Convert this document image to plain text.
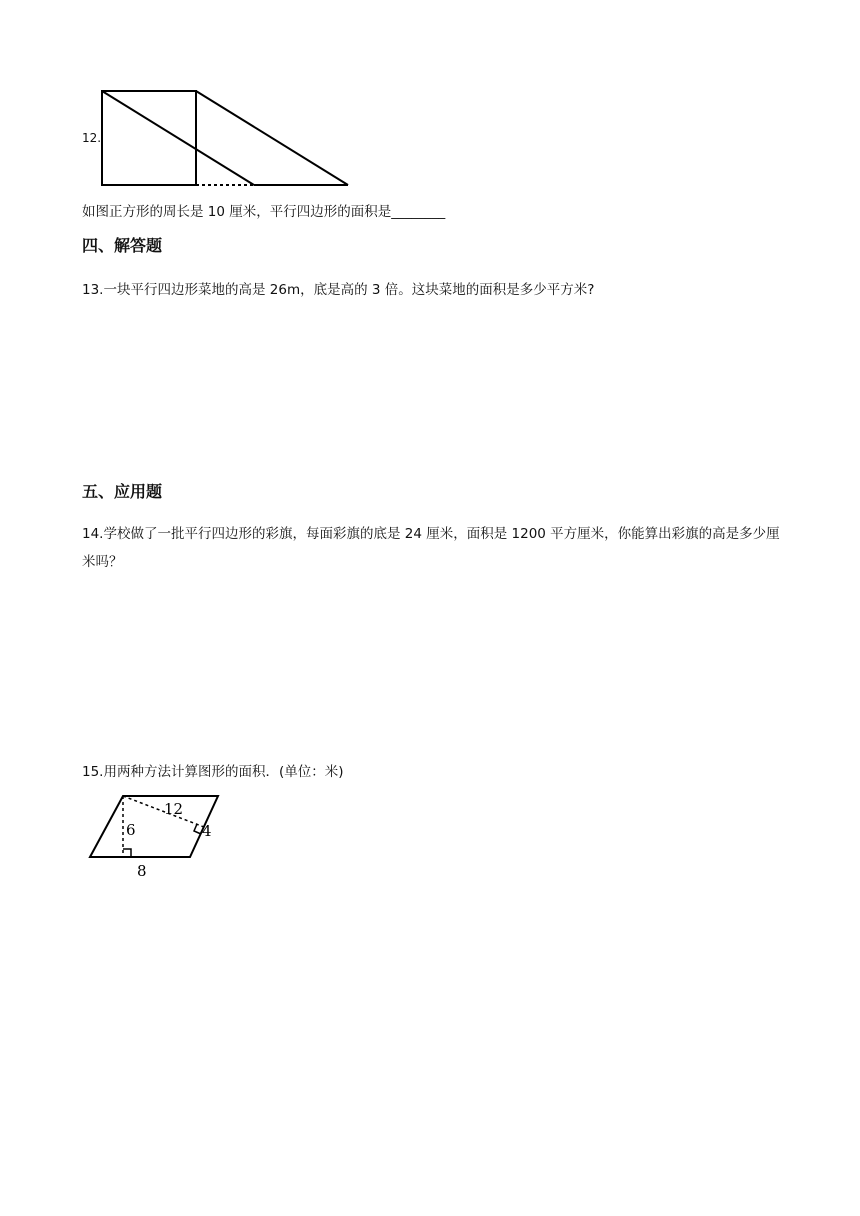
12.
如图正方形的周长是 10 厘米，平行四边形的面积是________
四、解答题
13.一块平行四边形菜地的高是 26m，底是高的 3 倍。这块菜地的面积是多少平方米?
五、应用题
14.学校做了一批平行四边形的彩旗，每面彩旗的底是 24 厘米，面积是 1200 平方厘米，你能算出彩旗的高是多少厘米吗？
15.用两种方法计算图形的面积．(单位：米)
6
8
12
4
